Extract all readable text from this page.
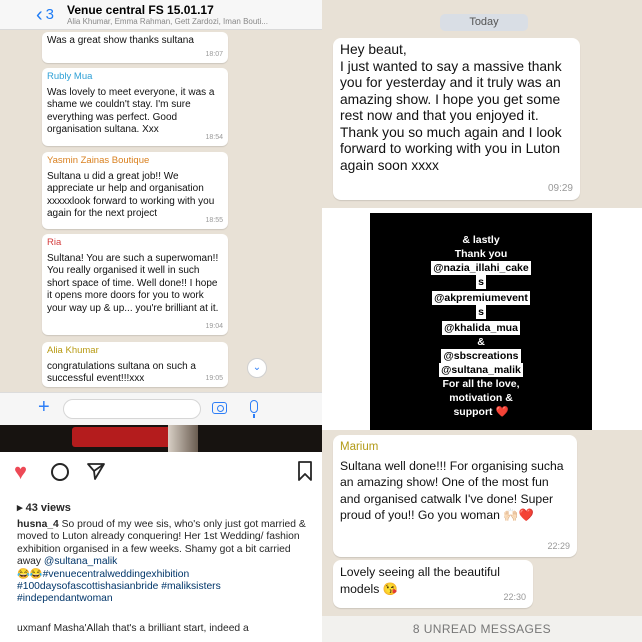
‹ 3 Venue central FS 15.01.17
Alia Khumar, Emma Rahman, Gett Zardozi, Iman Bouti...
Was a great show thanks sultana
18:07
Rubly Mua
Was lovely to meet everyone, it was a shame we couldn't stay. I'm sure everything was perfect. Good organisation sultana. Xxx
18:54
Yasmin Zainas Boutique
Sultana u did a great job!! We appreciate ur help and organisation xxxxxlook forward to working with you again for the next project
18:55
Ria
Sultana! You are such a superwoman!! You really organised it well in such short space of time. Well done!! I hope it opens more doors for you to work your way up & up... you're brilliant at it.
19:04
Alia Khumar
congratulations sultana on such a successful event!!!xxx	19:05
⌄
+
Today
Hey beaut,
I just wanted to say a massive thank you for yesterday and it truly was an amazing show. I hope you get some rest now and that you enjoyed it. Thank you so much again and I look forward to working with you in Luton again soon xxxx
09:29
& lastly
Thank you
@nazia_illahi_cake
s
@akpremiumevent
s
@khalida_mua
&
@sbscreations
@sultana_malik
For all the love,
motivation &
support ❤️
♥
▸ 43 views
husna_4 So proud of my wee sis, who's only just got married & moved to Luton already conquering! Her 1st Wedding/ fashion exhibition organised in a few weeks. Shamy got a bit carried away @sultana_malik
😂😂#venuecentralweddingexhibition #100daysofascottishasianbride #maliksisters #independantwoman
uxmanf Masha'Allah that's a brilliant start, indeed a
Marium
Sultana well done!!! For organising sucha an amazing show! One of the most fun and organised catwalk I've done! Super proud of you!! Go you woman 🙌🏻❤️
22:29
Lovely seeing all the beautiful models 😘
22:30
8 UNREAD MESSAGES
